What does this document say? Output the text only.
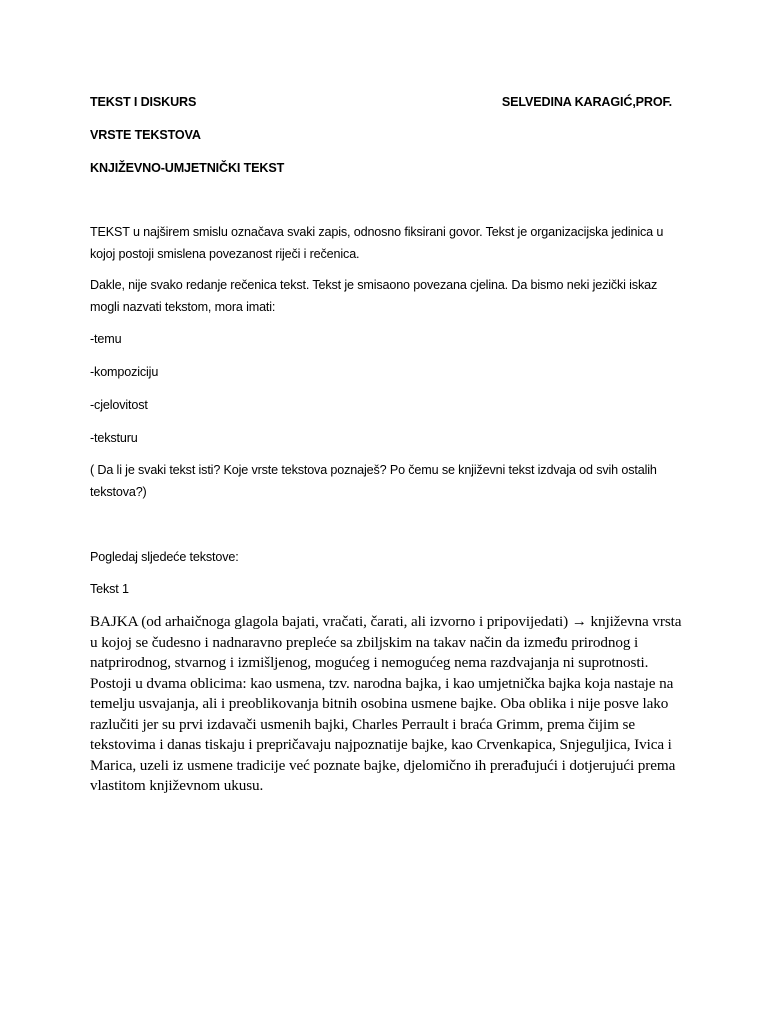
TEKST I DISKURS	SELVEDINA KARAGIĆ,PROF.
VRSTE TEKSTOVA
KNJIŽEVNO-UMJETNIČKI TEKST

TEKST u najširem smislu označava svaki zapis, odnosno fiksirani govor. Tekst je organizacijska jedinica u kojoj postoji smislena povezanost riječi i rečenica.

Dakle, nije svako redanje rečenica tekst. Tekst je smisaono povezana cjelina. Da bismo neki jezički iskaz mogli nazvati tekstom, mora imati:

-temu
-kompoziciju
-cjelovitost
-teksturu

( Da li je svaki tekst isti? Koje vrste tekstova poznaješ? Po čemu se književni tekst izdvaja od svih ostalih tekstova?)

Pogledaj sljedeće tekstove:
Tekst 1

BAJKA (od arhaičnoga glagola bajati, vračati, čarati, ali izvorno i pripovijedati) → književna vrsta u kojoj se čudesno i nadnaravno prepleće sa zbiljskim na takav način da između prirodnog i natprirodnog, stvarnog i izmišljenog, mogućeg i nemogućeg nema razdvajanja ni suprotnosti. Postoji u dvama oblicima: kao usmena, tzv. narodna bajka, i kao umjetnička bajka koja nastaje na temelju usvajanja, ali i preoblikovanja bitnih osobina usmene bajke. Oba oblika i nije posve lako razlučiti jer su prvi izdavači usmenih bajki, Charles Perrault i braća Grimm, prema čijim se tekstovima i danas tiskaju i prepričavaju najpoznatije bajke, kao Crvenkapica, Snjeguljica, Ivica i Marica, uzeli iz usmene tradicije već poznate bajke, djelomično ih prerađujući i dotjerujući prema vlastitom književnom ukusu.
